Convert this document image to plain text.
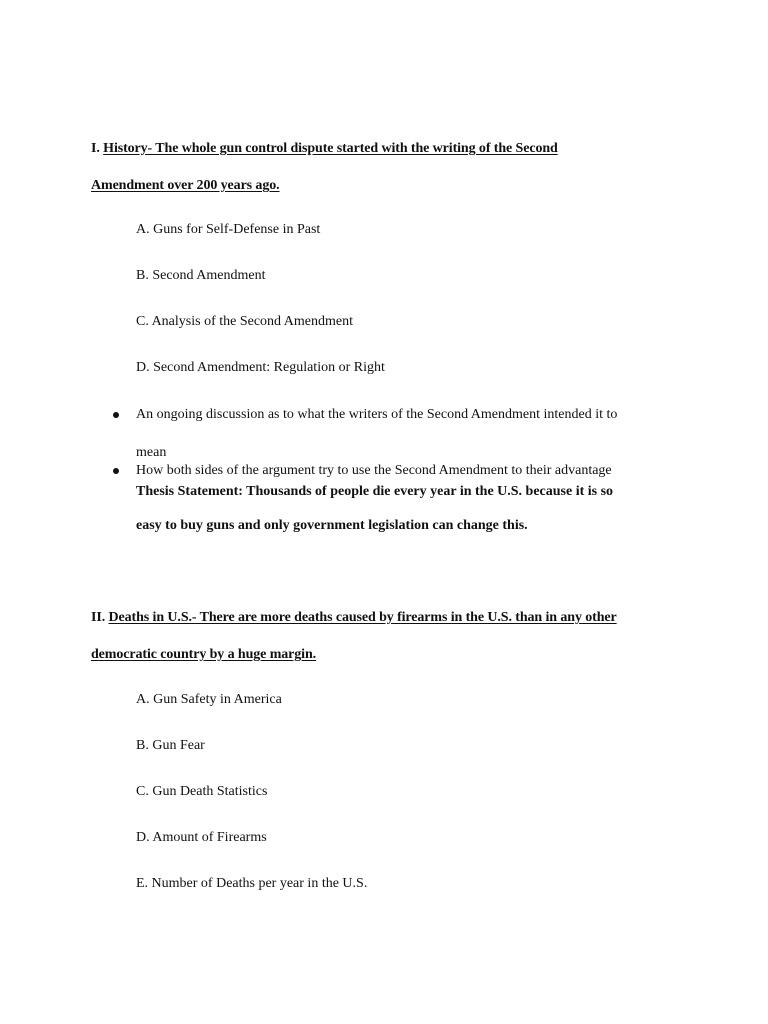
I. History- The whole gun control dispute started with the writing of the Second
Amendment over 200 years ago.
A. Guns for Self-Defense in Past
B. Second Amendment
C. Analysis of the Second Amendment
D. Second Amendment: Regulation or Right
An ongoing discussion as to what the writers of the Second Amendment intended it to
mean
How both sides of the argument try to use the Second Amendment to their advantage
Thesis Statement: Thousands of people die every year in the U.S. because it is so
easy to buy guns and only government legislation can change this.
II. Deaths in U.S.- There are more deaths caused by firearms in the U.S. than in any other
democratic country by a huge margin.
A. Gun Safety in America
B. Gun Fear
C. Gun Death Statistics
D. Amount of Firearms
E. Number of Deaths per year in the U.S.
